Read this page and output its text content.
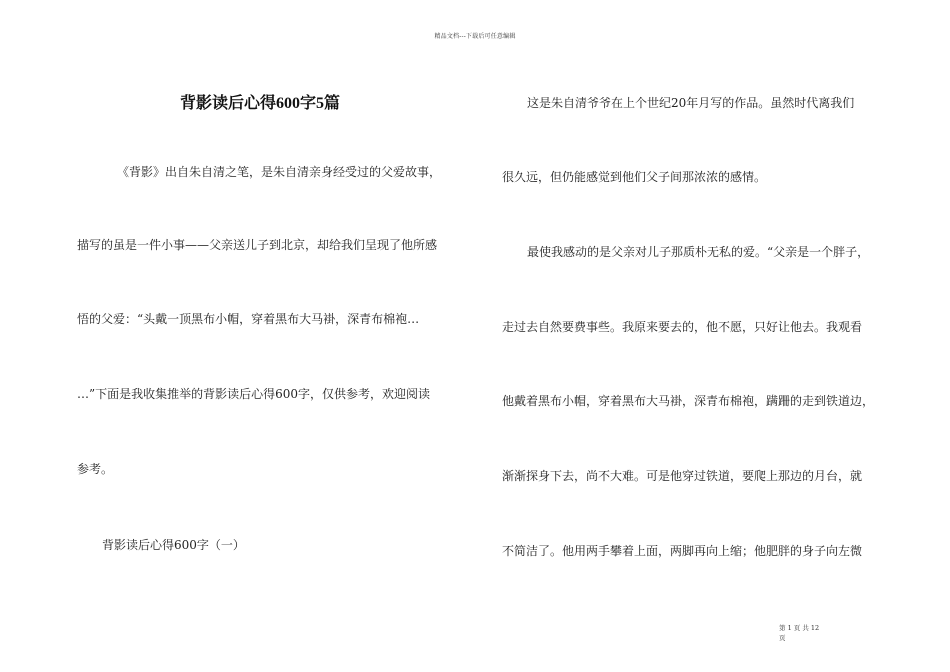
精品文档---下载后可任意编辑
背影读后心得600字5篇
《背影》出自朱自清之笔，是朱自清亲身经受过的父爱故事，
描写的虽是一件小事——父亲送儿子到北京，却给我们呈现了他所感
悟的父爱：“头戴一顶黑布小帽，穿着黑布大马褂，深青布棉袍…
…”下面是我收集推举的背影读后心得600字，仅供参考，欢迎阅读
参考。
背影读后心得600字（一）
这是朱自清爷爷在上个世纪20年月写的作品。虽然时代离我们
很久远，但仍能感觉到他们父子间那浓浓的感情。
最使我感动的是父亲对儿子那质朴无私的爱。“父亲是一个胖子，
走过去自然要费事些。我原来要去的，他不愿，只好让他去。我观看
他戴着黑布小帽，穿着黑布大马褂，深青布棉袍，蹒跚的走到铁道边，
渐渐探身下去，尚不大难。可是他穿过铁道，要爬上那边的月台，就
不简洁了。他用两手攀着上面，两脚再向上缩；他肥胖的身子向左微
第 1 页 共 12
页
